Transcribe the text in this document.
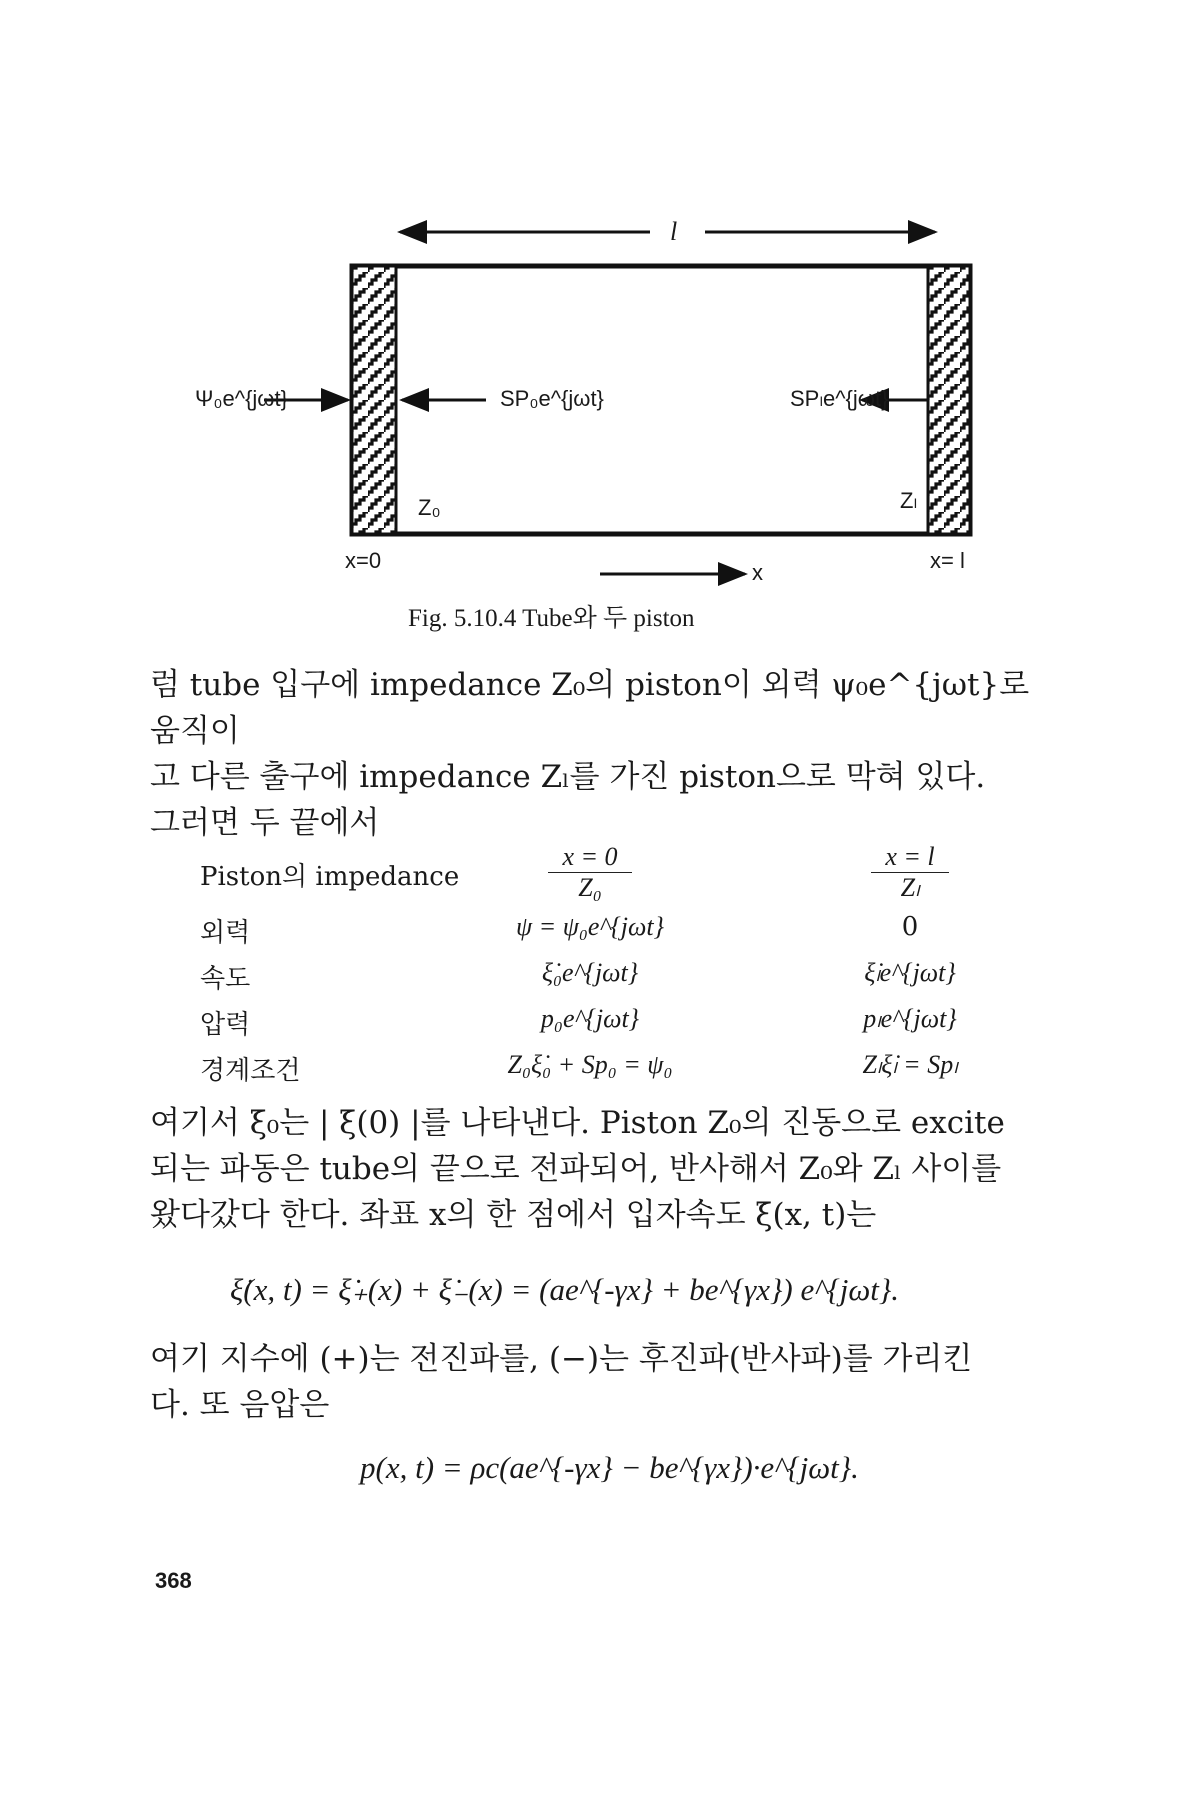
l
Ψ₀e^{jωt}	SP₀e^{jωt}	SPₗe^{jωt}
Z₀	Zₗ
x=0	x= l
x
Fig. 5.10.4 Tube와 두 piston

럼 tube 입구에 impedance Z₀의 piston이 외력 ψ₀e^{jωt}로 움직이

고 다른 출구에 impedance Zₗ를 가진 piston으로 막혀 있다.

그러면 두 끝에서

Piston의 impedance	$\frac{x = 0}{\text{Z₀}}$	$\frac{x = l}{\text{Zₗ}}$
외력	ψ = ψ₀e^{jωt}	0
속도	ξ̇₀e^{jωt}	ξ̇ₗe^{jωt}
압력	p₀e^{jωt}	pₗe^{jωt}
경계조건	Z₀ξ̇₀ + Sp₀ = ψ₀	Zₗξ̇ₗ = Spₗ

여기서 ξ̇₀는 | ξ̇(0) |를 나타낸다. Piston Z₀의 진동으로 excite

되는 파동은 tube의 끝으로 전파되어, 반사해서 Z₀와 Zₗ 사이를

왔다갔다 한다. 좌표 x의 한 점에서 입자속도 ξ̇(x, t)는

ξ̇(x, t) = ξ̇₊(x) + ξ̇₋(x) = (ae^{-γx} + be^{γx}) e^{jωt}.

여기 지수에 (+)는 전진파를, (−)는 후진파(반사파)를 가리킨

다. 또 음압은

p(x, t) = ρc(ae^{-γx} − be^{γx})·e^{jωt}.
368
